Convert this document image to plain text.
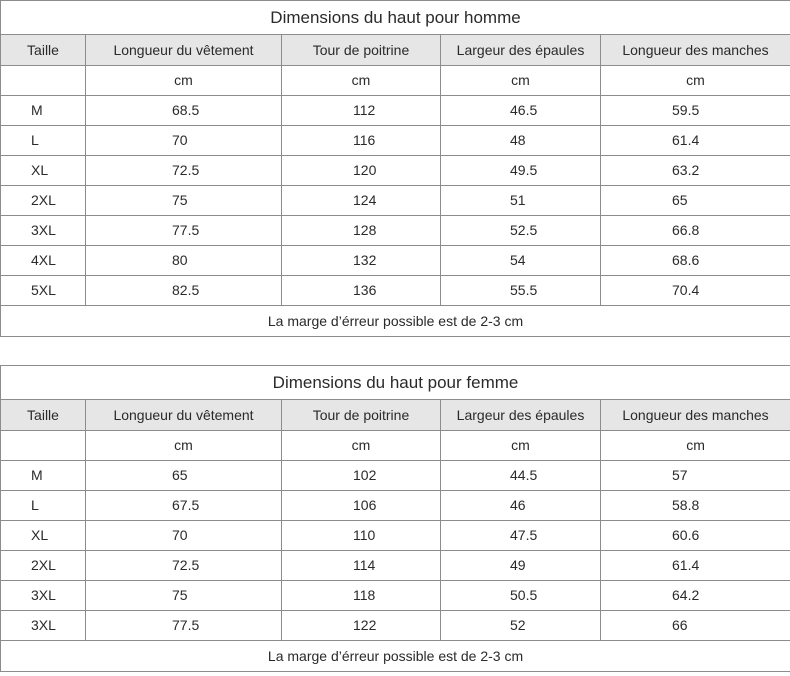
Dimensions du haut pour homme				
Taille	Longueur du vêtement	Tour de poitrine	Largeur des épaules	Longueur des manches
	cm	cm	cm	cm
M	68.5	112	46.5	59.5
L	70	116	48	61.4
XL	72.5	120	49.5	63.2
2XL	75	124	51	65
3XL	77.5	128	52.5	66.8
4XL	80	132	54	68.6
5XL	82.5	136	55.5	70.4
La marge d’érreur possible est de 2-3 cm				
Dimensions du haut pour femme				
Taille	Longueur du vêtement	Tour de poitrine	Largeur des épaules	Longueur des manches
	cm	cm	cm	cm
M	65	102	44.5	57
L	67.5	106	46	58.8
XL	70	110	47.5	60.6
2XL	72.5	114	49	61.4
3XL	75	118	50.5	64.2
3XL	77.5	122	52	66
La marge d’érreur possible est de 2-3 cm				
